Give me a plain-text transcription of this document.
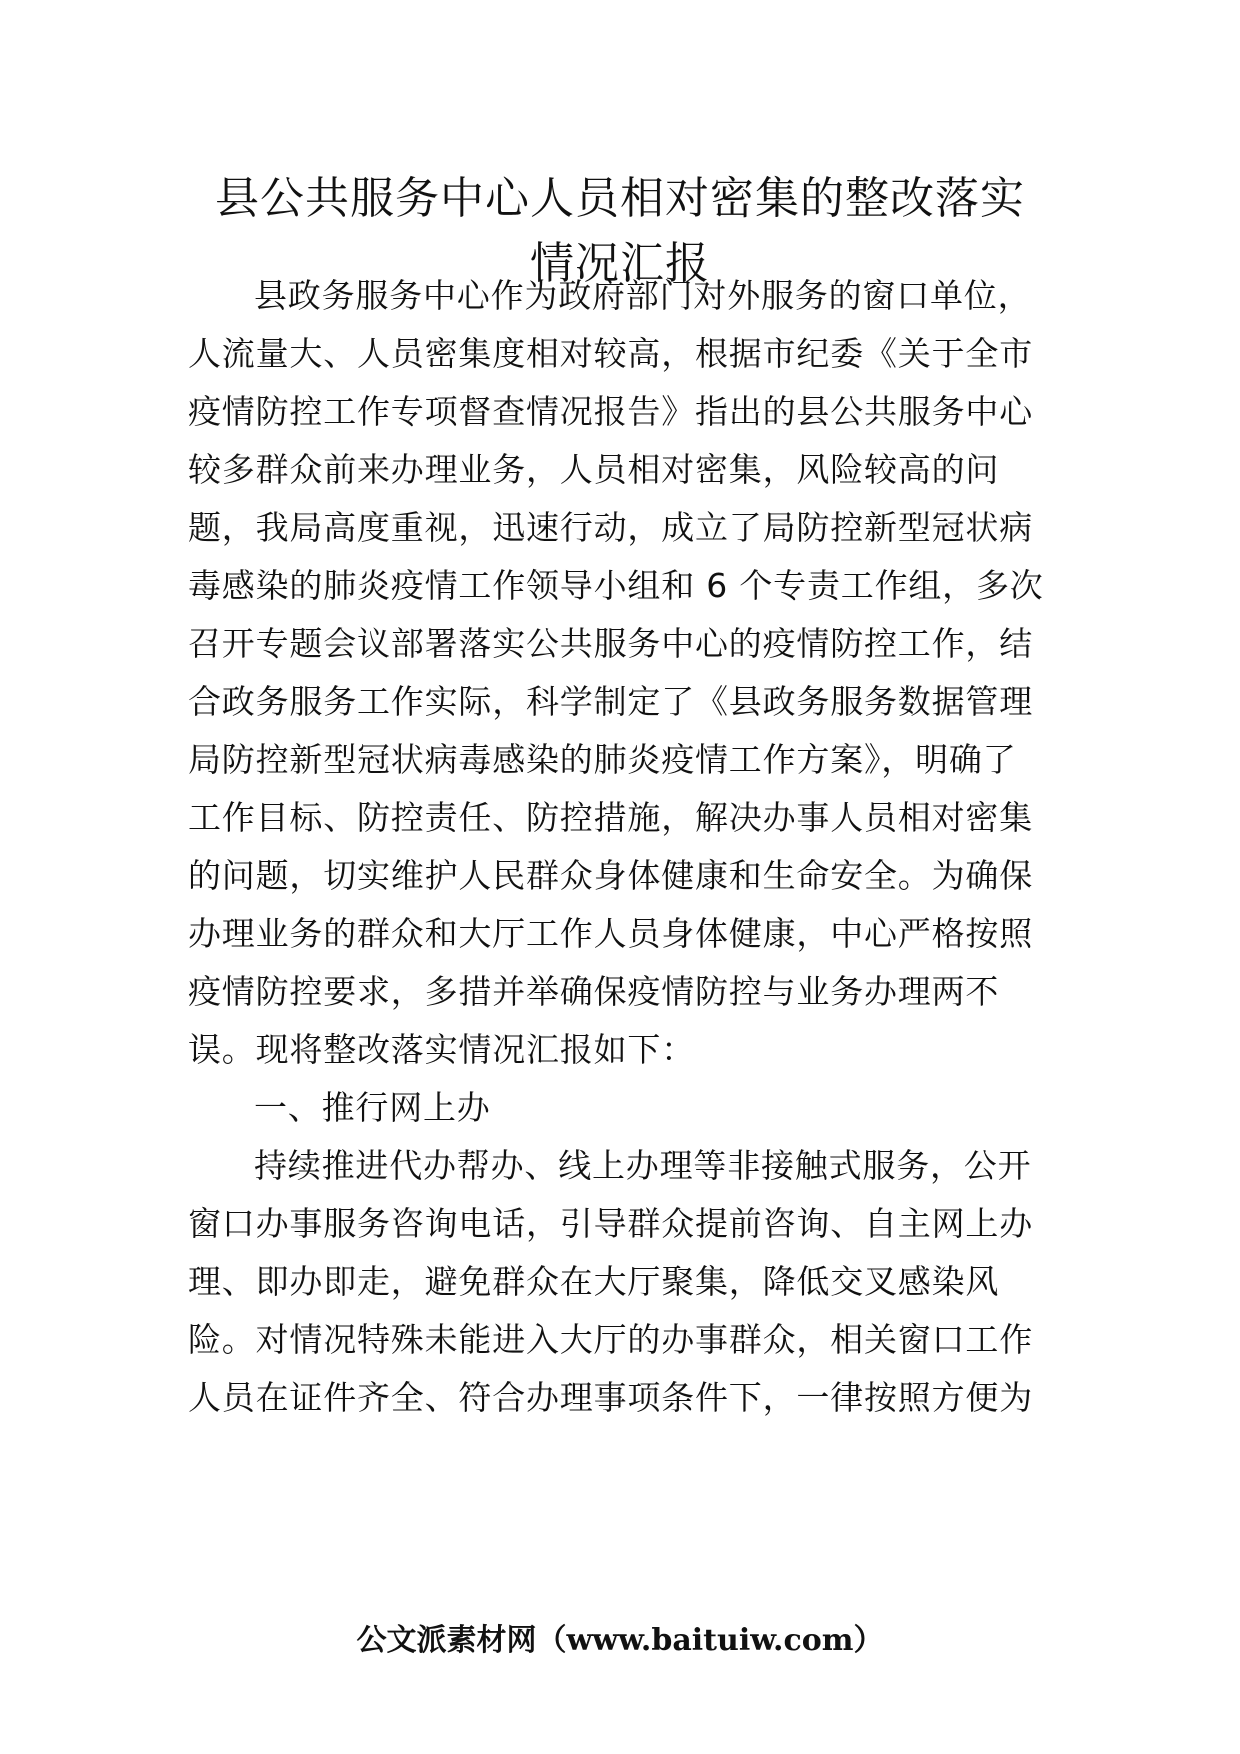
县公共服务中心人员相对密集的整改落实
情况汇报
县政务服务中心作为政府部门对外服务的窗口单位，
人流量大、人员密集度相对较高，根据市纪委《关于全市
疫情防控工作专项督查情况报告》指出的县公共服务中心
较多群众前来办理业务，人员相对密集，风险较高的问
题，我局高度重视，迅速行动，成立了局防控新型冠状病
毒感染的肺炎疫情工作领导小组和 6 个专责工作组，多次
召开专题会议部署落实公共服务中心的疫情防控工作，结
合政务服务工作实际，科学制定了《县政务服务数据管理
局防控新型冠状病毒感染的肺炎疫情工作方案》，明确了
工作目标、防控责任、防控措施，解决办事人员相对密集
的问题，切实维护人民群众身体健康和生命安全。为确保
办理业务的群众和大厅工作人员身体健康，中心严格按照
疫情防控要求，多措并举确保疫情防控与业务办理两不
误。现将整改落实情况汇报如下：
一、推行网上办
持续推进代办帮办、线上办理等非接触式服务，公开
窗口办事服务咨询电话，引导群众提前咨询、自主网上办
理、即办即走，避免群众在大厅聚集，降低交叉感染风
险。对情况特殊未能进入大厅的办事群众，相关窗口工作
人员在证件齐全、符合办理事项条件下，一律按照方便为
公文派素材网（www.baituiw.com）
